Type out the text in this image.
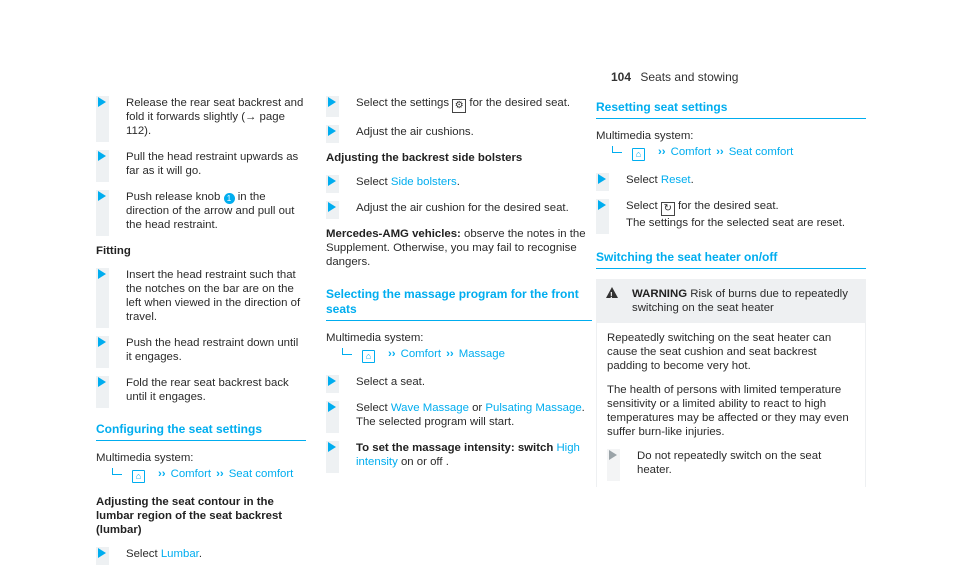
104 Seats and stowing
Release the rear seat backrest and fold it forwards slightly (→ page 112).
Pull the head restraint upwards as far as it will go.
Push release knob 1 in the direction of the arrow and pull out the head restraint.
Fitting
Insert the head restraint such that the notches on the bar are on the left when viewed in the direction of travel.
Push the head restraint down until it engages.
Fold the rear seat backrest back until it engages.
Configuring the seat settings
Multimedia system:
⌂ ›› Comfort ›› Seat comfort
Adjusting the seat contour in the lumbar region of the seat backrest (lumbar)
Select Lumbar.
Select the settings ⚙ for the desired seat.
Adjust the air cushions.
Adjusting the backrest side bolsters
Select Side bolsters.
Adjust the air cushion for the desired seat.
Mercedes-AMG vehicles: observe the notes in the Supplement. Otherwise, you may fail to recognise dangers.
Selecting the massage program for the front seats
Multimedia system:
⌂ ›› Comfort ›› Massage
Select a seat.
Select Wave Massage or Pulsating Massage.
The selected program will start.
To set the massage intensity: switch High intensity on or off .
Resetting seat settings
Multimedia system:
⌂ ›› Comfort ›› Seat comfort
Select Reset.
Select ↻ for the desired seat.
The settings for the selected seat are reset.
Switching the seat heater on/off
!	WARNING Risk of burns due to repeatedly switching on the seat heater
Repeatedly switching on the seat heater can cause the seat cushion and seat backrest padding to become very hot.
The health of persons with limited temperature sensitivity or a limited ability to react to high temperatures may be affected or they may even suffer burn-like injuries.
Do not repeatedly switch on the seat heater.
